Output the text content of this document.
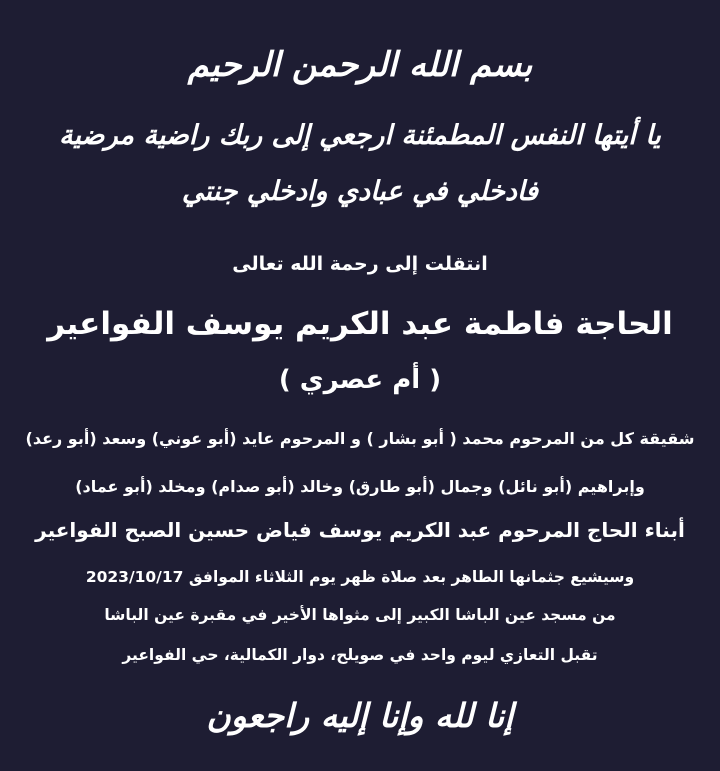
بسم الله الرحمن الرحيم
يا أيتها النفس المطمئنة ارجعي إلى ربك راضية مرضية
فادخلي في عبادي وادخلي جنتي
انتقلت إلى رحمة الله تعالى
الحاجة فاطمة عبد الكريم يوسف الفواعير
( أم عصري )
شقيقة كل من المرحوم محمد ( أبو بشار ) و المرحوم عايد (أبو عوني) وسعد (أبو رعد)
وإبراهيم (أبو نائل) وجمال (أبو طارق) وخالد (أبو صدام) ومخلد (أبو عماد)
أبناء الحاج المرحوم عبد الكريم يوسف فياض حسين الصبح الفواعير
وسيشيع جثمانها الطاهر بعد صلاة ظهر يوم الثلاثاء الموافق 2023/10/17
من مسجد عين الباشا الكبير إلى مثواها الأخير في مقبرة عين الباشا
تقبل التعازي ليوم واحد في صويلح، دوار الكمالية، حي الفواعير
إنا لله وإنا إليه راجعون
